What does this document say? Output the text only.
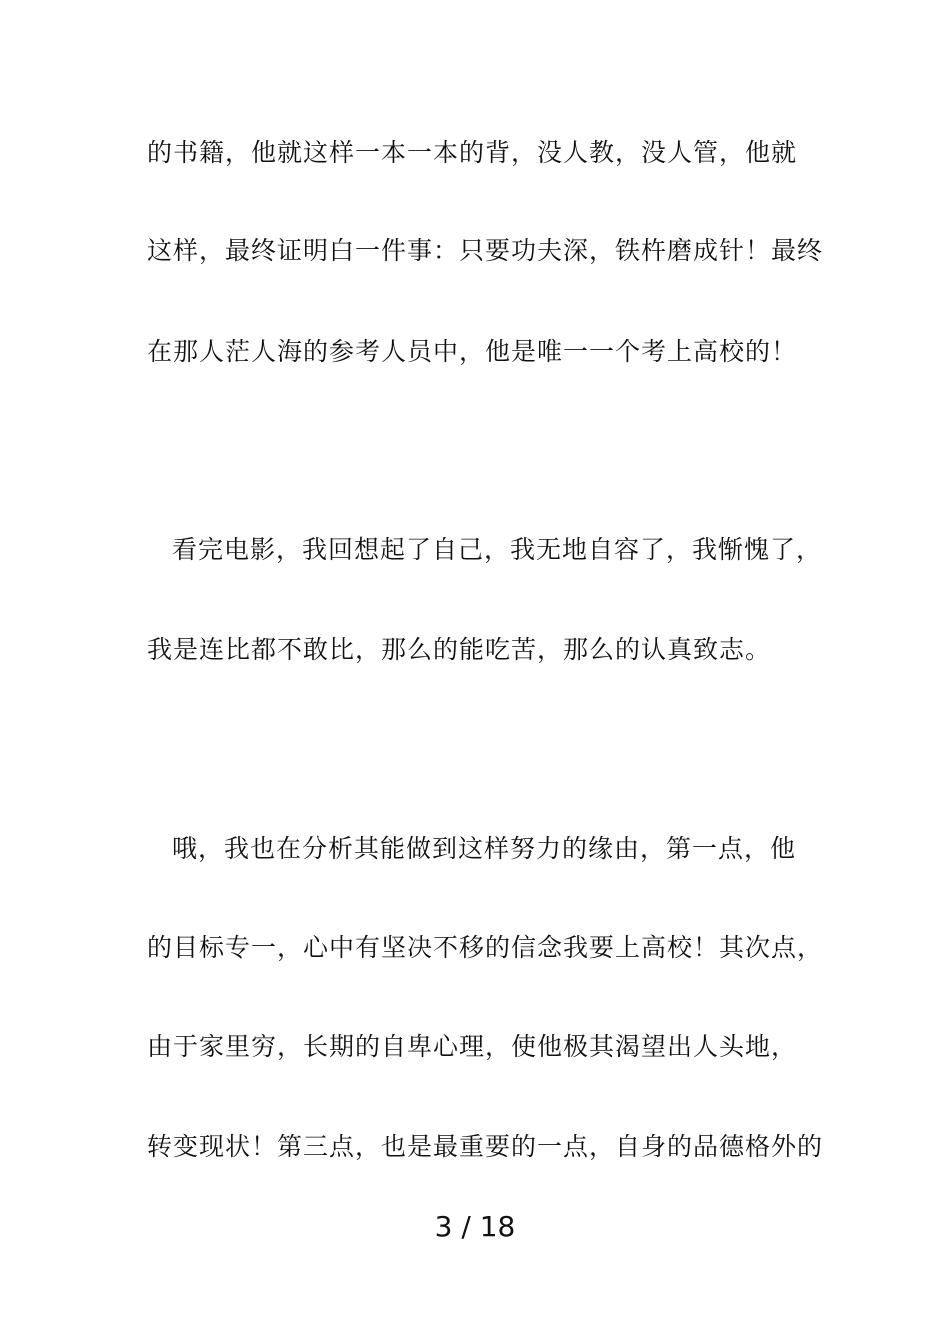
的书籍，他就这样一本一本的背，没人教，没人管，他就
这样，最终证明白一件事：只要功夫深，铁杵磨成针！最终
在那人茫人海的参考人员中，他是唯一一个考上高校的！
看完电影，我回想起了自己，我无地自容了，我惭愧了，
我是连比都不敢比，那么的能吃苦，那么的认真致志。
哦，我也在分析其能做到这样努力的缘由，第一点，他
的目标专一，心中有坚决不移的信念我要上高校！其次点，
由于家里穷，长期的自卑心理，使他极其渴望出人头地，
转变现状！第三点，也是最重要的一点，自身的品德格外的
3 / 18
